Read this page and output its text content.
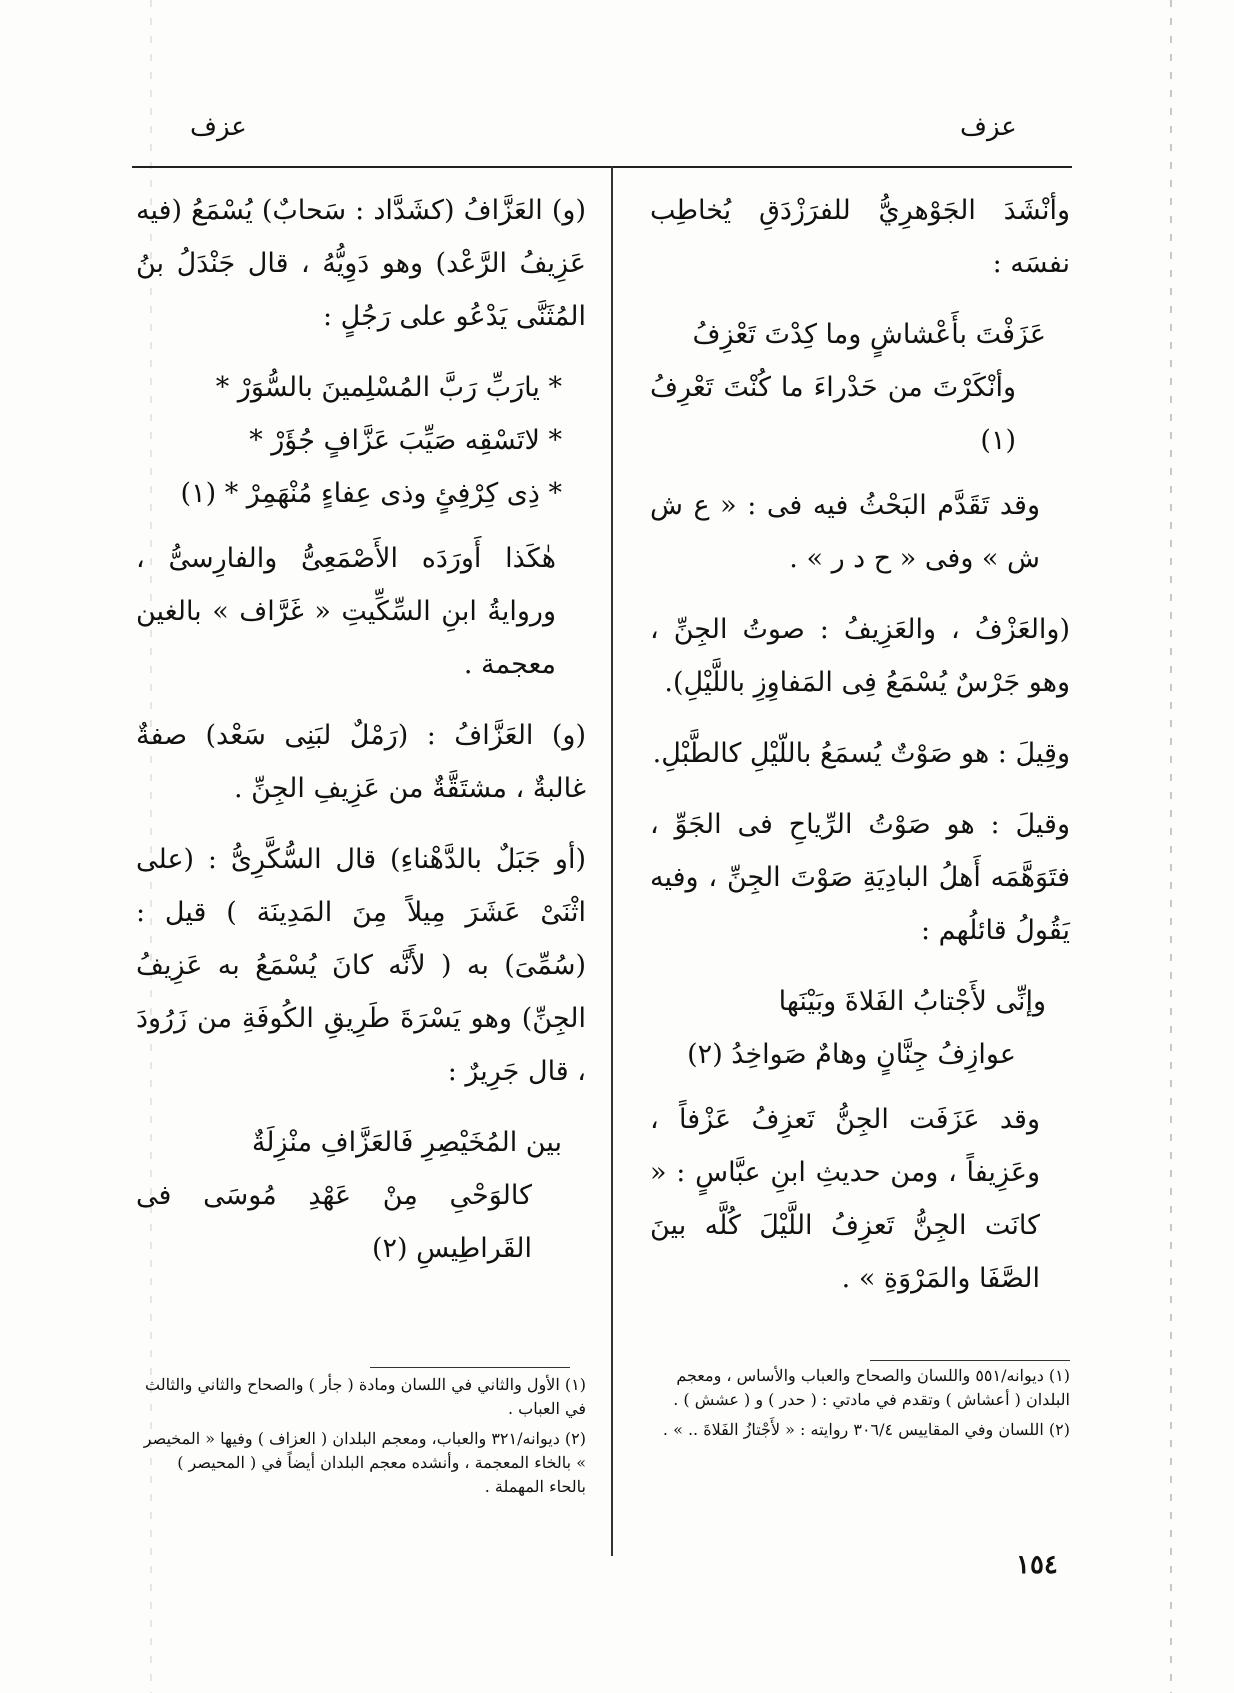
عزف
عزف

وأنْشَدَ الجَوْهرِيُّ للفرَزْدَقِ يُخاطِب نفسَه :

عَزَفْتَ بأَعْشاشٍ وما كِدْتَ تَعْزِفُ
وأنْكَرْتَ من حَدْراءَ ما كُنْتَ تَعْرِفُ (١)

وقد تَقَدَّم البَحْثُ فيه فى : « ع ش ش » وفى « ح د ر » .

(والعَزْفُ ، والعَزِيفُ : صوتُ الجِنِّ ، وهو جَرْسٌ يُسْمَعُ فِى المَفاوِزِ باللَّيْلِ).

وقِيلَ : هو صَوْتٌ يُسمَعُ باللّيْلِ كالطَّبْلِ.

وقيلَ : هو صَوْتُ الرِّياحِ فى الجَوِّ ، فتَوَهَّمَه أَهلُ البادِيَةِ صَوْتَ الجِنِّ ، وفيه يَقُولُ قائلُهم :

وإنِّى لأَجْتابُ الفَلاةَ وبَيْنَها
عوازِفُ جِنَّانٍ وهامٌ صَواخِدُ (٢)

وقد عَزَفَت الجِنُّ تَعزِفُ عَزْفاً ، وعَزِيفاً ، ومن حديثِ ابنِ عبَّاسٍ : « كانَت الجِنُّ تَعزِفُ اللَّيْلَ كُلَّه بينَ الصَّفَا والمَرْوَةِ » .

(و) العَزَّافُ (كشَدَّاد : سَحابٌ) يُسْمَعُ (فيه عَزِيفُ الرَّعْد) وهو دَوِيُّهُ ، قال جَنْدَلُ بنُ المُثَنَّى يَدْعُو على رَجُلٍ :

* يارَبِّ رَبَّ المُسْلِمينَ بالسُّوَرْ *
* لاتَسْقِه صَيِّبَ عَزَّافٍ جُؤَرْ *
* ذِى كِرْفِئٍ وذى عِفاءٍ مُنْهَمِرْ * (١)

هٰكَذا أَورَدَه الأَصْمَعِىُّ والفارِسىُّ ، وروايةُ ابنِ السِّكِّيتِ « غَرَّاف » بالغين معجمة .

(و) العَزَّافُ : (رَمْلٌ لبَنِى سَعْد) صفةٌ غالبةٌ ، مشتَقَّةٌ من عَزِيفِ الجِنِّ .

(أو جَبَلٌ بالدَّهْناءِ) قال السُّكَّرِىُّ : (على اثْنَىْ عَشَرَ مِيلاً مِنَ المَدِينَة ) قيل : (سُمِّىَ) به ( لأَنَّه كانَ يُسْمَعُ به عَزِيفُ الجِنِّ) وهو يَسْرَةَ طَرِيقِ الكُوفَةِ من زَرُودَ ، قال جَرِيرٌ :

بين المُخَيْصِرِ فَالعَزَّافِ منْزِلَةٌ
كالوَحْىِ مِنْ عَهْدِ مُوسَى فى القَراطِيسِ (٢)

(١) ديوانه/٥٥١ واللسان والصحاح والعباب والأساس ، ومعجم البلدان ( أعشاش ) وتقدم في مادتي : ( حدر ) و ( عشش ) .

(٢) اللسان وفي المقاييس ٣٠٦/٤ روايته : « لأَجْتازُ الفَلاةَ .. » .

(١) الأول والثاني في اللسان ومادة ( جأر ) والصحاح والثاني والثالث في العباب .

(٢) ديوانه/٣٢١ والعباب، ومعجم البلدان ( العزاف ) وفيها « المخيصر » بالخاء المعجمة ، وأنشده معجم البلدان أيضاً في ( المحيصر ) بالحاء المهملة .

١٥٤
